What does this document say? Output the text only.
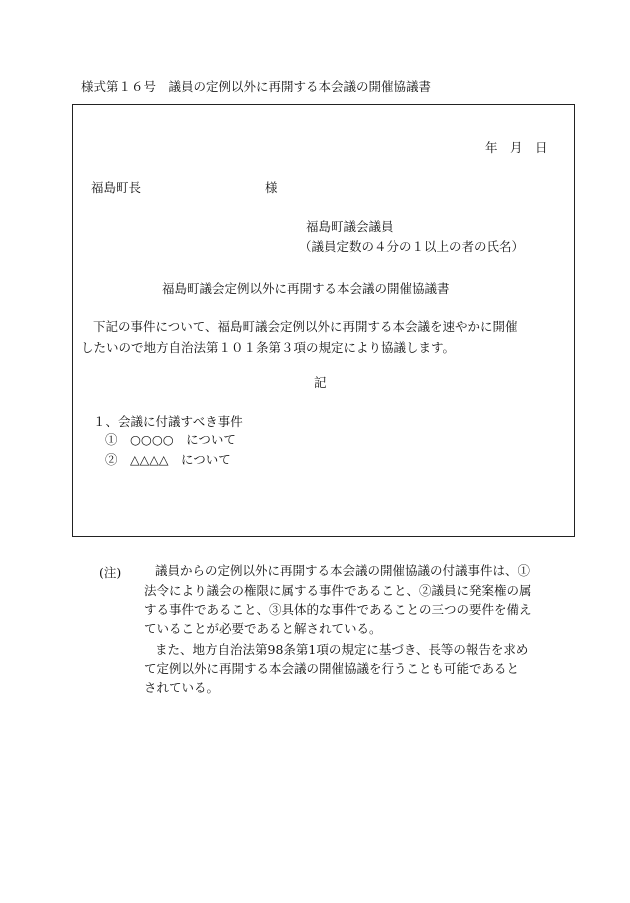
様式第１６号　議員の定例以外に再開する本会議の開催協議書
年　月　日
福島町長	様
福島町議会議員
（議員定数の４分の１以上の者の氏名）
福島町議会定例以外に再開する本会議の開催協議書
下記の事件について、福島町議会定例以外に再開する本会議を速やかに開催
したいので地方自治法第１０１条第３項の規定により協議します。
記
１、会議に付議すべき事件
①　○○○○　について
②　△△△△　について
(注)	議員からの定例以外に再開する本会議の開催協議の付議事件は、①
法令により議会の権限に属する事件であること、②議員に発案権の属
する事件であること、③具体的な事件であることの三つの要件を備え
ていることが必要であると解されている。
また、地方自治法第98条第1項の規定に基づき、長等の報告を求め
て定例以外に再開する本会議の開催協議を行うことも可能であると
されている。
